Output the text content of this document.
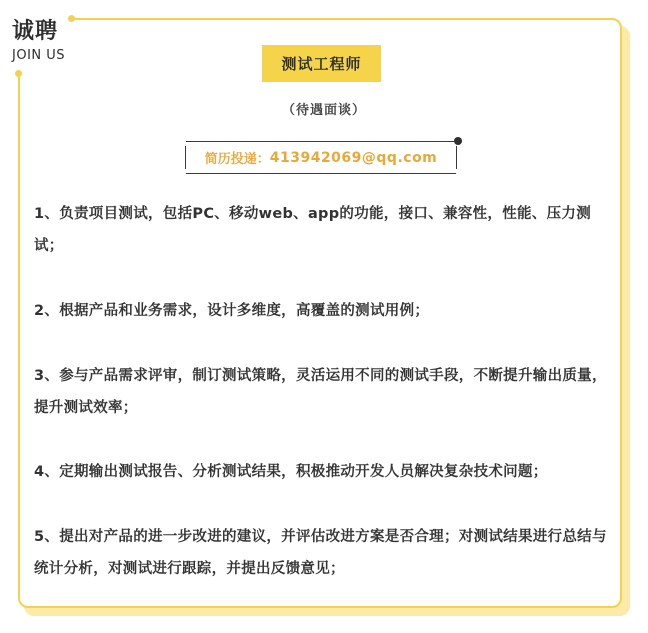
诚聘
JOIN US	测试工程师
（待遇面谈）
简历投递： 413942069@qq.com
1、负责项目测试，包括PC、移动web、app的功能，接口、兼容性，性能、压力测试；
2、根据产品和业务需求，设计多维度，高覆盖的测试用例；
3、参与产品需求评审，制订测试策略，灵活运用不同的测试手段，不断提升输出质量，提升测试效率；
4、定期输出测试报告、分析测试结果，积极推动开发人员解决复杂技术问题；
5、提出对产品的进一步改进的建议，并评估改进方案是否合理；对测试结果进行总结与统计分析，对测试进行跟踪，并提出反馈意见；
